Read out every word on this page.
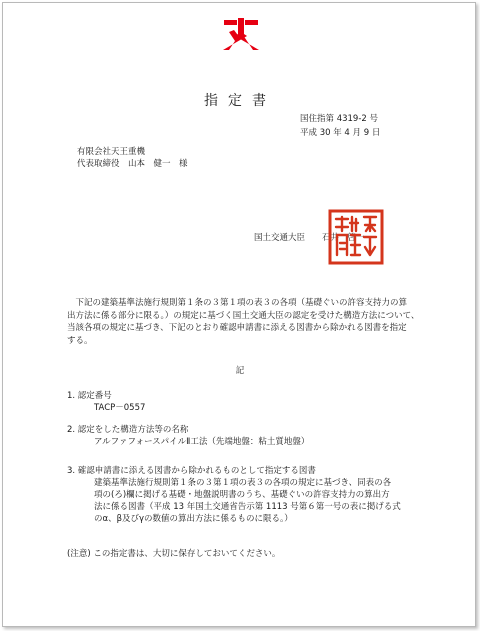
指定書
国住指第 4319-2 号
平成 30 年 4 月 9 日
有限会社天王重機
代表取締役　山本　健一　様
国土交通大臣　　石井　啓一
　下記の建築基準法施行規則第１条の３第１項の表３の各項（基礎ぐいの許容支持力の算
出方法に係る部分に限る。）の規定に基づく国土交通大臣の認定を受けた構造方法について、
当該各項の規定に基づき、下記のとおり確認申請書に添える図書から除かれる図書を指定
する。
記
1. 認定番号
TACP－0557
2. 認定をした構造方法等の名称
アルファフォースパイルⅡ工法（先端地盤：粘土質地盤）
3. 確認申請書に添える図書から除かれるものとして指定する図書
建築基準法施行規則第１条の３第１項の表３の各項の規定に基づき、同表の各
項の(ろ)欄に掲げる基礎・地盤説明書のうち、基礎ぐいの許容支持力の算出方
法に係る図書（平成 13 年国土交通省告示第 1113 号第６第一号の表に掲げる式
のα、β及びγの数値の算出方法に係るものに限る。）
(注意) この指定書は、大切に保存しておいてください。
